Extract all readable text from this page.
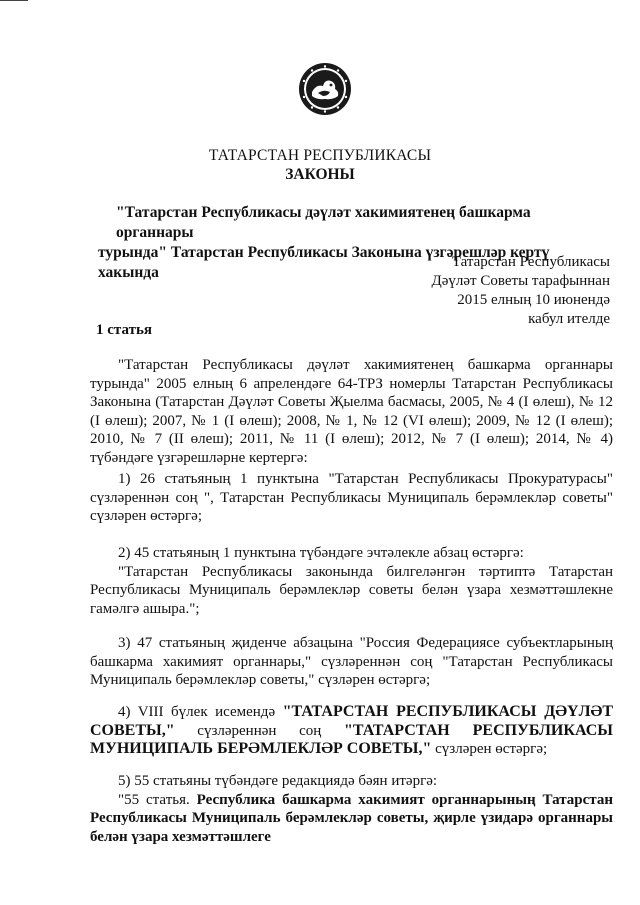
ТАТАРСТАН РЕСПУБЛИКАСЫ
ЗАКОНЫ
"Татарстан Республикасы дәүләт хакимиятенең башкарма органнары
турында" Татарстан Республикасы Законына үзгәрешләр кертү хакында
Татарстан Республикасы
Дәүләт Советы тарафыннан
2015 елның 10 июнендә
кабул ителде
1 статья

"Татарстан Республикасы дәүләт хакимиятенең башкарма органнары турында" 2005 елның 6 апрелендәге 64-ТРЗ номерлы Татарстан Республикасы Законына (Татарстан Дәүләт Советы Җыелма басмасы, 2005, № 4 (I өлеш), № 12 (I өлеш); 2007, № 1 (I өлеш); 2008, № 1, № 12 (VI өлеш); 2009, № 12 (I өлеш); 2010, № 7 (II өлеш); 2011, № 11 (I өлеш); 2012, № 7 (I өлеш); 2014, № 4) түбәндәге үзгәрешләрне кертергә:

1) 26 статьяның 1 пунктына "Татарстан Республикасы Прокуратурасы" сүзләреннән соң ", Татарстан Республикасы Муниципаль берәмлекләр советы" сүзләрен өстәргә;

2) 45 статьяның 1 пунктына түбәндәге эчтәлекле абзац өстәргә:

"Татарстан Республикасы законында билгеләнгән тәртиптә Татарстан Республикасы Муниципаль берәмлекләр советы белән үзара хезмәттәшлекне гамәлгә ашыра.";

3) 47 статьяның җиденче абзацына "Россия Федерациясе субъектларының башкарма хакимият органнары," сүзләреннән соң "Татарстан Республикасы Муниципаль берәмлекләр советы," сүзләрен өстәргә;

4) VIII бүлек исемендә "ТАТАРСТАН РЕСПУБЛИКАСЫ ДӘҮЛӘТ СОВЕТЫ," сүзләреннән соң "ТАТАРСТАН РЕСПУБЛИКАСЫ МУНИЦИПАЛЬ БЕРӘМЛЕКЛӘР СОВЕТЫ," сүзләрен өстәргә;

5) 55 статьяны түбәндәге редакциядә бәян итәргә:

"55 статья. Республика башкарма хакимият органнарының Татарстан Республикасы Муниципаль берәмлекләр советы, җирле үзидарә органнары белән үзара хезмәттәшлеге
